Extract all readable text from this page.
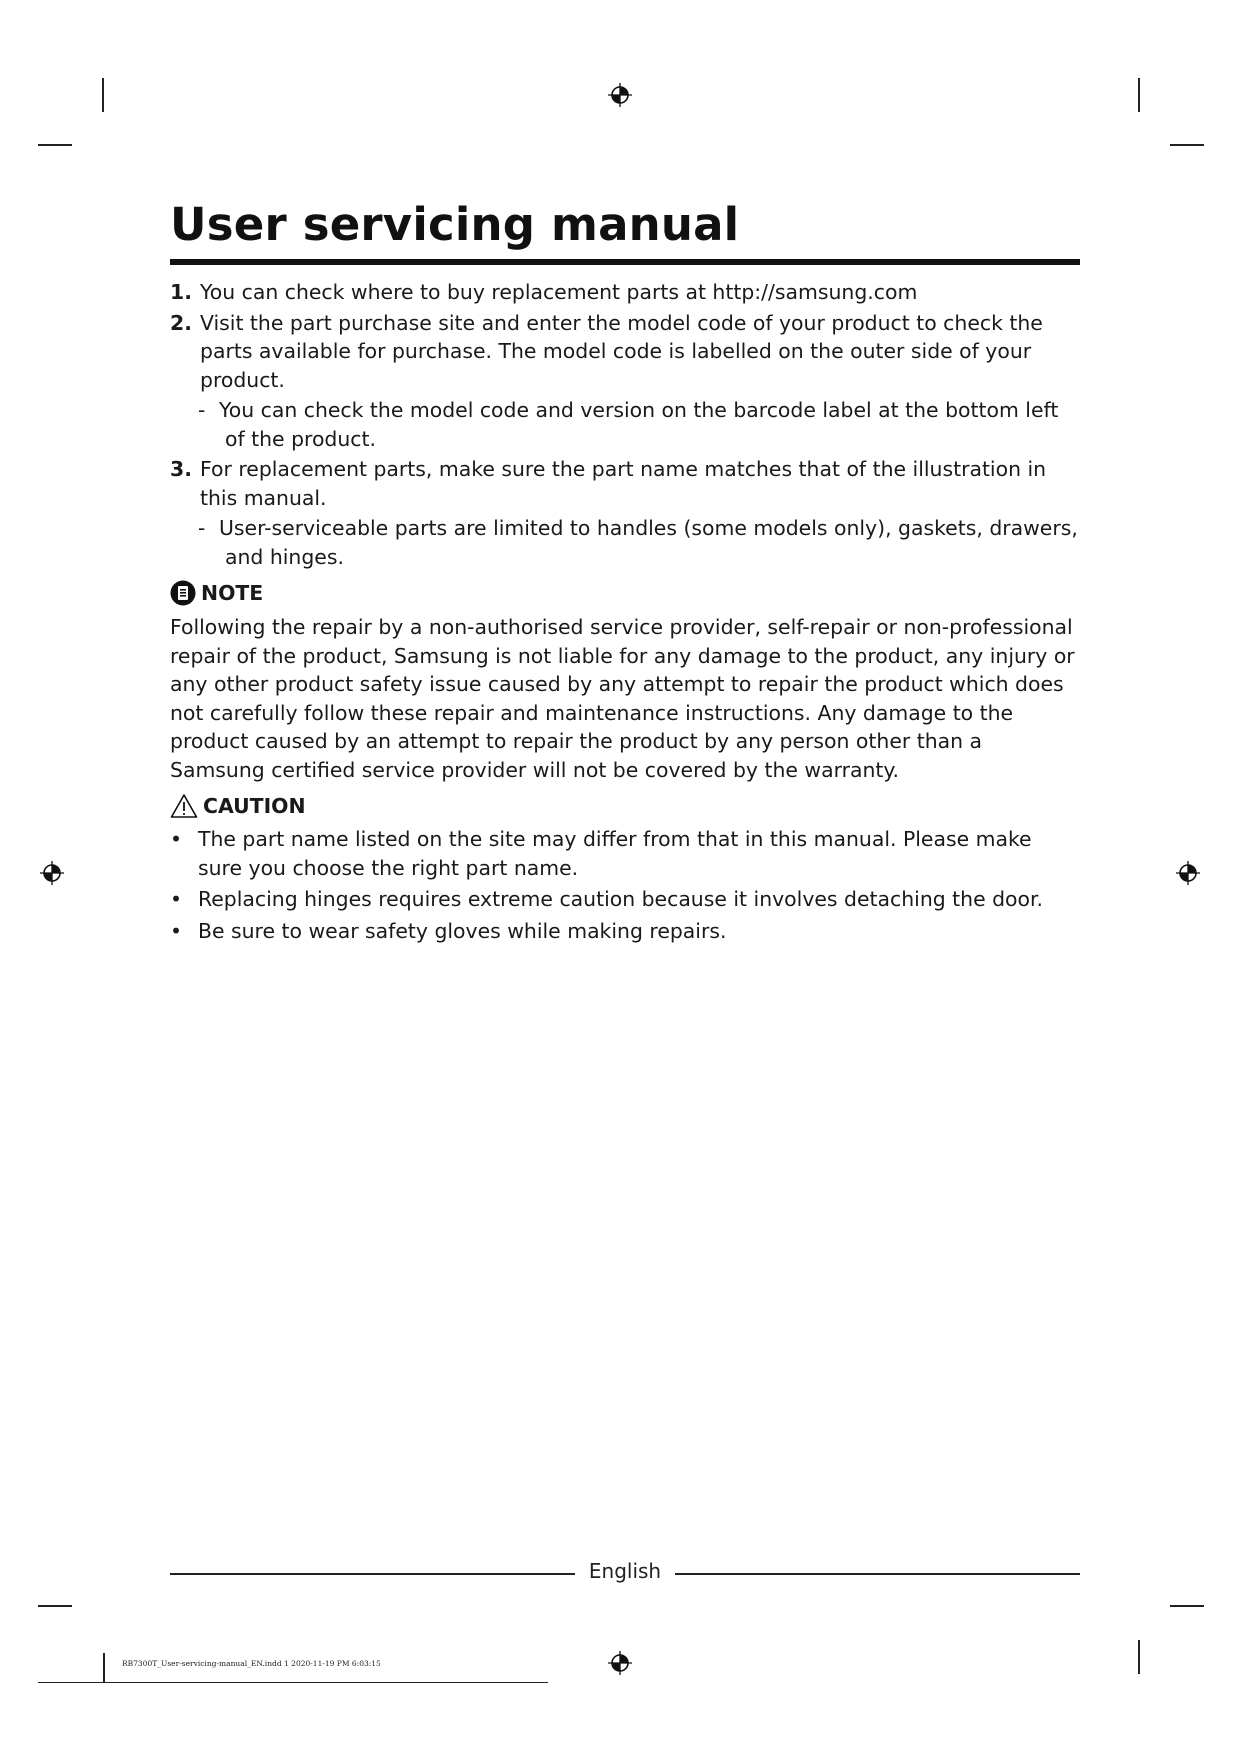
User servicing manual
1. You can check where to buy replacement parts at http://samsung.com
2. Visit the part purchase site and enter the model code of your product to check the parts available for purchase. The model code is labelled on the outer side of your product.
- You can check the model code and version on the barcode label at the bottom left of the product.
3. For replacement parts, make sure the part name matches that of the illustration in this manual.
- User-serviceable parts are limited to handles (some models only), gaskets, drawers, and hinges.
NOTE

Following the repair by a non-authorised service provider, self-repair or non-professional repair of the product, Samsung is not liable for any damage to the product, any injury or any other product safety issue caused by any attempt to repair the product which does not carefully follow these repair and maintenance instructions. Any damage to the product caused by an attempt to repair the product by any person other than a Samsung certified service provider will not be covered by the warranty.

CAUTION
• The part name listed on the site may differ from that in this manual. Please make sure you choose the right part name.
• Replacing hinges requires extreme caution because it involves detaching the door.
• Be sure to wear safety gloves while making repairs.
English
RB7300T_User-servicing-manual_EN.indd 1 2020-11-19 PM 6:03:15
